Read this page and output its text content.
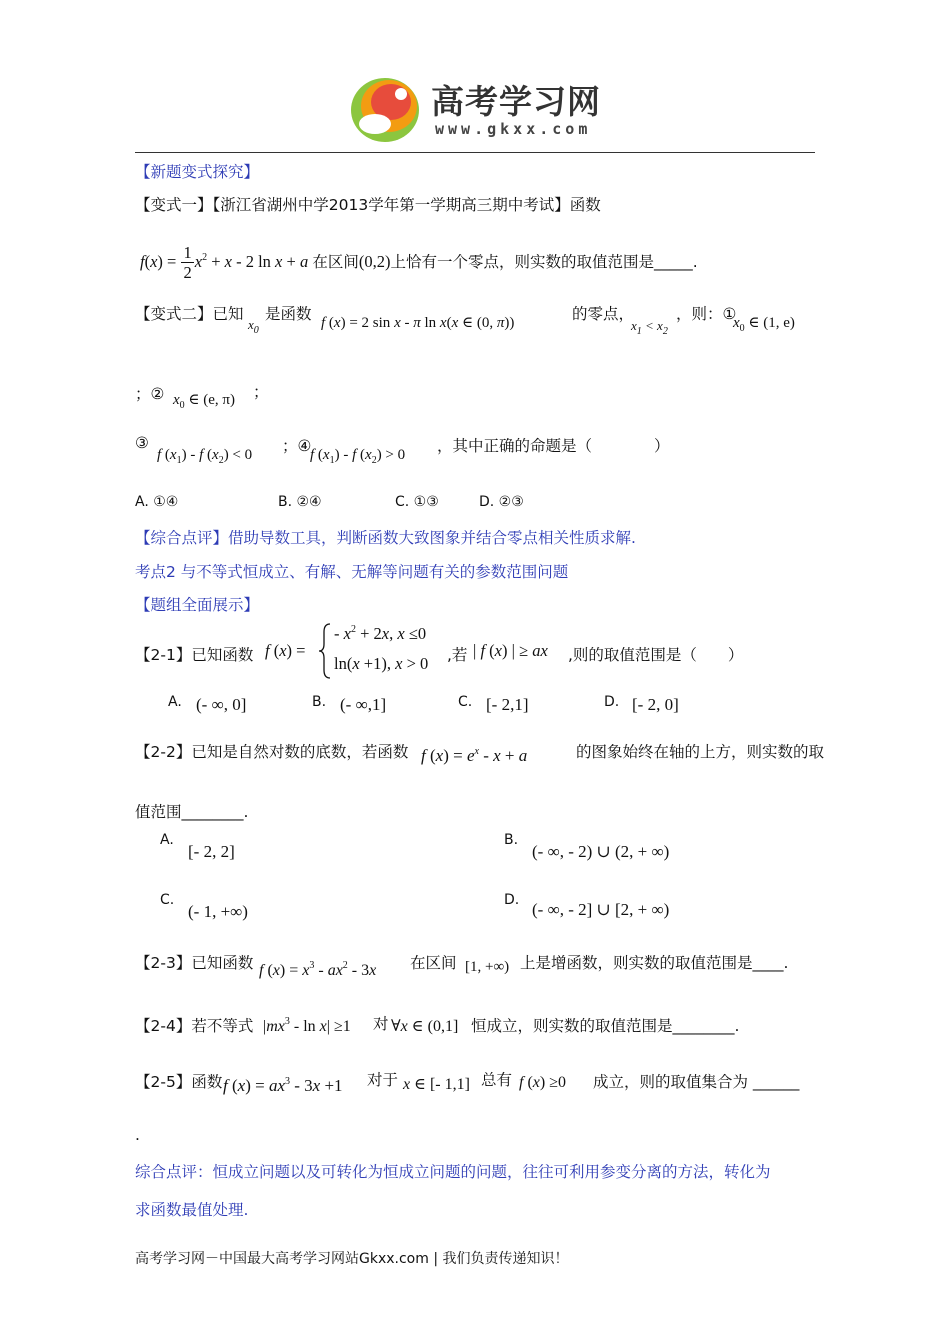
高考学习网
www.gkxx.com
【新题变式探究】
【变式一】【浙江省湖州中学2013学年第一学期高三期中考试】函数
$f(x) = \frac{1}{2} x^2 + x - 2$ ln x + a 在区间(0,2)上恰有一个零点，则实数的取值范围是_____.
【变式二】已知
$x_0$
是函数 f (x) = 2 sin x - π ln x(x ∈ (0, π))	的零点，
$x_1 < x_2$
，则：①
$x_0$ ∈ (1, e)
；② $x_0$ ∈ (e, π) ；
③
f $(x_1)$ - f $(x_2) < 0$ ；④
f $(x_1)$ - f $(x_2) > 0$ ，其中正确的命题是（　　　　）
A. ①④	B. ②④	C. ①③	D. ②③
【综合点评】借助导数工具，判断函数大致图象并结合零点相关性质求解.
考点2 与不等式恒成立、有解、无解等问题有关的参数范围问题
【题组全面展示】
【2-1】已知函数 f (x) =
- $x^2 + 2x$, x ≤0
ln(x +1), x > 0 ,若 | f (x) | ≥ ax ,则的取值范围是（　　）
A. (- ∞, 0]	B. (- ∞,1]	C. [- 2,1]	D. [- 2, 0]
【2-2】已知是自然对数的底数，若函数 f $(x) = e^x - x + a$	的图象始终在轴的上方，则实数的取
值范围________.
A.
[- 2, 2]
B.
(- ∞, - 2) ∪ (2, + ∞)
C.
(- 1, +∞)
D. (- ∞, - 2] ∪ [2, + ∞)
【2-3】已知函数 f $(x) = x^3 - ax^2 - 3x$ 在区间 [1, +∞) 上是增函数，则实数的取值范围是____.
【2-4】若不等式 $|mx^3 - \ln x| \ge 1$ 对 ∀x ∈ (0,1] 恒成立，则实数的取值范围是________.
【2-5】函数 f $(x) = ax^3 - 3x +1$ 对于 x ∈ [- 1,1] 总有 f (x) ≥0 成立，则的取值集合为 ______
.
综合点评：恒成立问题以及可转化为恒成立问题的问题，往往可利用参变分离的方法，转化为
求函数最值处理.
高考学习网－中国最大高考学习网站Gkxx.com | 我们负责传递知识！
